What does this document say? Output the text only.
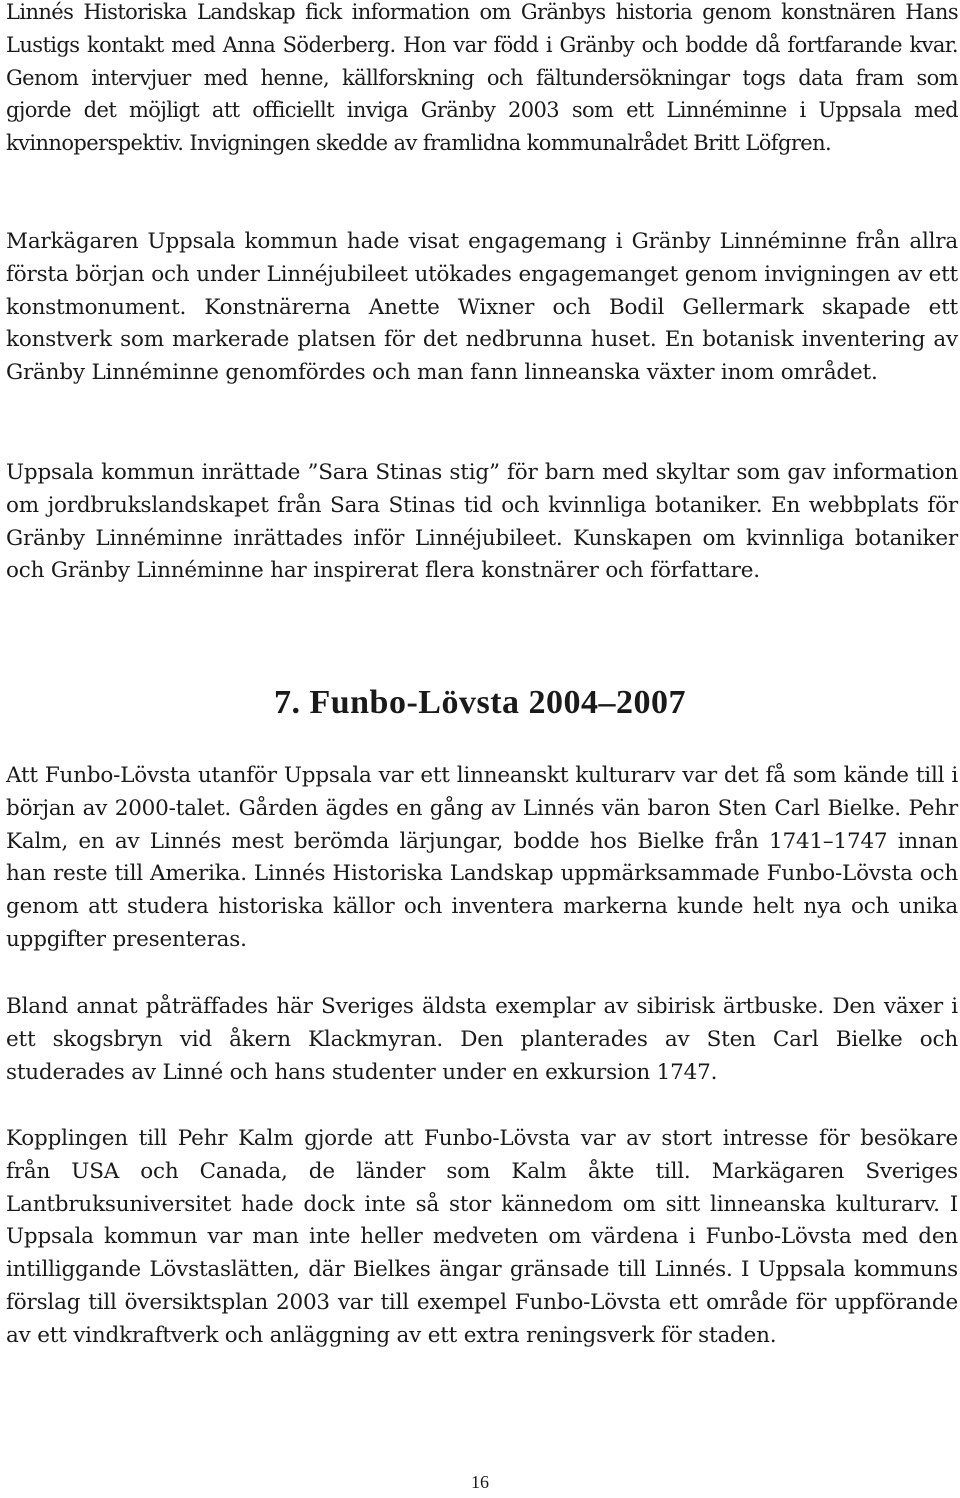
Linnés Historiska Landskap fick information om Gränbys historia genom konstnären Hans Lustigs kontakt med Anna Söderberg. Hon var född i Gränby och bodde då fortfarande kvar. Genom intervjuer med henne, källforskning och fältundersökningar togs data fram som gjorde det möjligt att officiellt inviga Gränby 2003 som ett Linnéminne i Uppsala med kvinnoperspektiv. Invigningen skedde av framlidna kommunalrådet Britt Löfgren.

Markägaren Uppsala kommun hade visat engagemang i Gränby Linnéminne från allra första början och under Linnéjubileet utökades engagemanget genom invigningen av ett konstmonument. Konstnärerna Anette Wixner och Bodil Gellermark skapade ett konstverk som markerade platsen för det nedbrunna huset. En botanisk inventering av Gränby Linnéminne genomfördes och man fann linneanska växter inom området.

Uppsala kommun inrättade ”Sara Stinas stig” för barn med skyltar som gav information om jordbrukslandskapet från Sara Stinas tid och kvinnliga botaniker. En webbplats för Gränby Linnéminne inrättades inför Linnéjubileet. Kunskapen om kvinnliga botaniker och Gränby Linnéminne har inspirerat flera konstnärer och författare.

7. Funbo-Lövsta 2004–2007

Att Funbo-Lövsta utanför Uppsala var ett linneanskt kulturarv var det få som kände till i början av 2000-talet. Gården ägdes en gång av Linnés vän baron Sten Carl Bielke. Pehr Kalm, en av Linnés mest berömda lärjungar, bodde hos Bielke från 1741–1747 innan han reste till Amerika. Linnés Historiska Landskap uppmärksammade Funbo-Lövsta och genom att studera historiska källor och inventera markerna kunde helt nya och unika uppgifter presenteras.

Bland annat påträffades här Sveriges äldsta exemplar av sibirisk ärtbuske. Den växer i ett skogsbryn vid åkern Klackmyran. Den planterades av Sten Carl Bielke och studerades av Linné och hans studenter under en exkursion 1747.

Kopplingen till Pehr Kalm gjorde att Funbo-Lövsta var av stort intresse för besökare från USA och Canada, de länder som Kalm åkte till. Markägaren Sveriges Lantbruksuniversitet hade dock inte så stor kännedom om sitt linneanska kulturarv. I Uppsala kommun var man inte heller medveten om värdena i Funbo-Lövsta med den intilliggande Lövstaslätten, där Bielkes ängar gränsade till Linnés. I Uppsala kommuns förslag till översiktsplan 2003 var till exempel Funbo-Lövsta ett område för uppförande av ett vindkraftverk och anläggning av ett extra reningsverk för staden.

16
